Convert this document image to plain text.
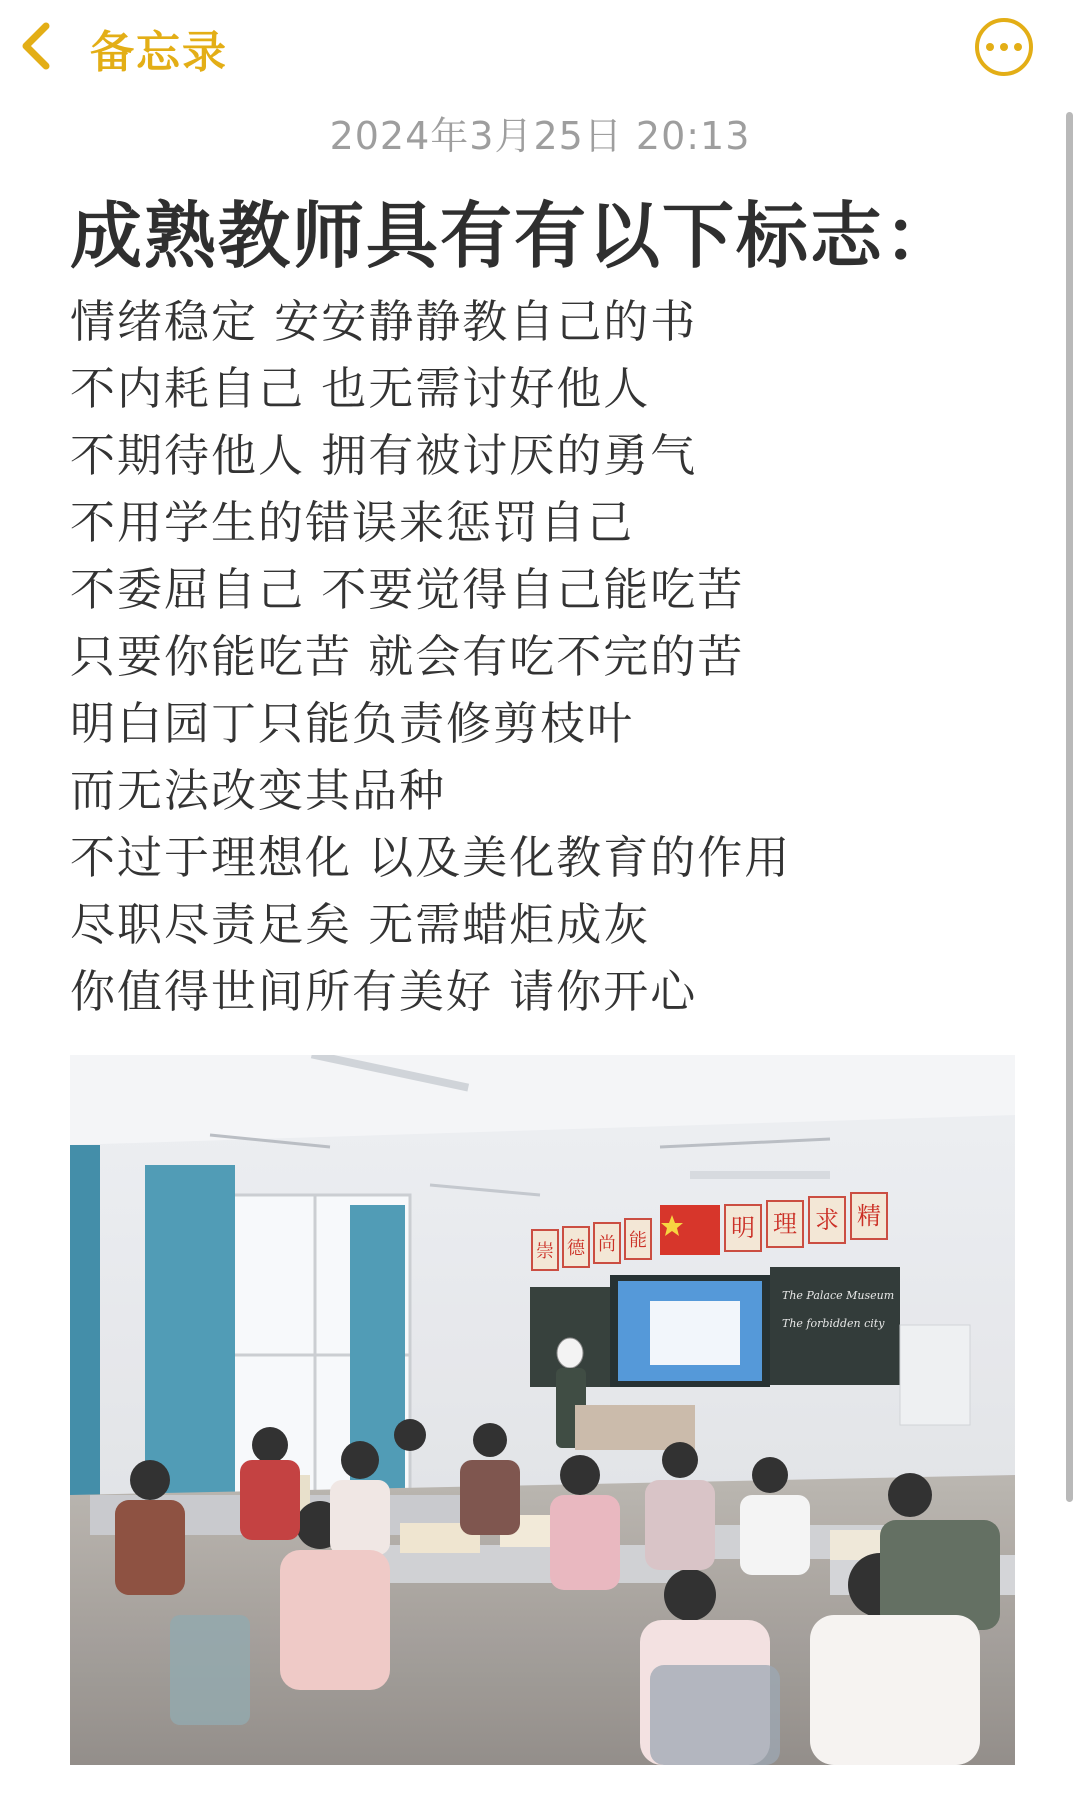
备忘录
2024年3月25日 20:13
成熟教师具有有以下标志：
情绪稳定 安安静静教自己的书
不内耗自己 也无需讨好他人
不期待他人 拥有被讨厌的勇气
不用学生的错误来惩罚自己
不委屈自己 不要觉得自己能吃苦
只要你能吃苦 就会有吃不完的苦
明白园丁只能负责修剪枝叶
而无法改变其品种
不过于理想化 以及美化教育的作用
尽职尽责足矣 无需蜡炬成灰
你值得世间所有美好 请你开心
崇 德 尚 能	明 理 求 精
The Palace Museum
The forbidden city
